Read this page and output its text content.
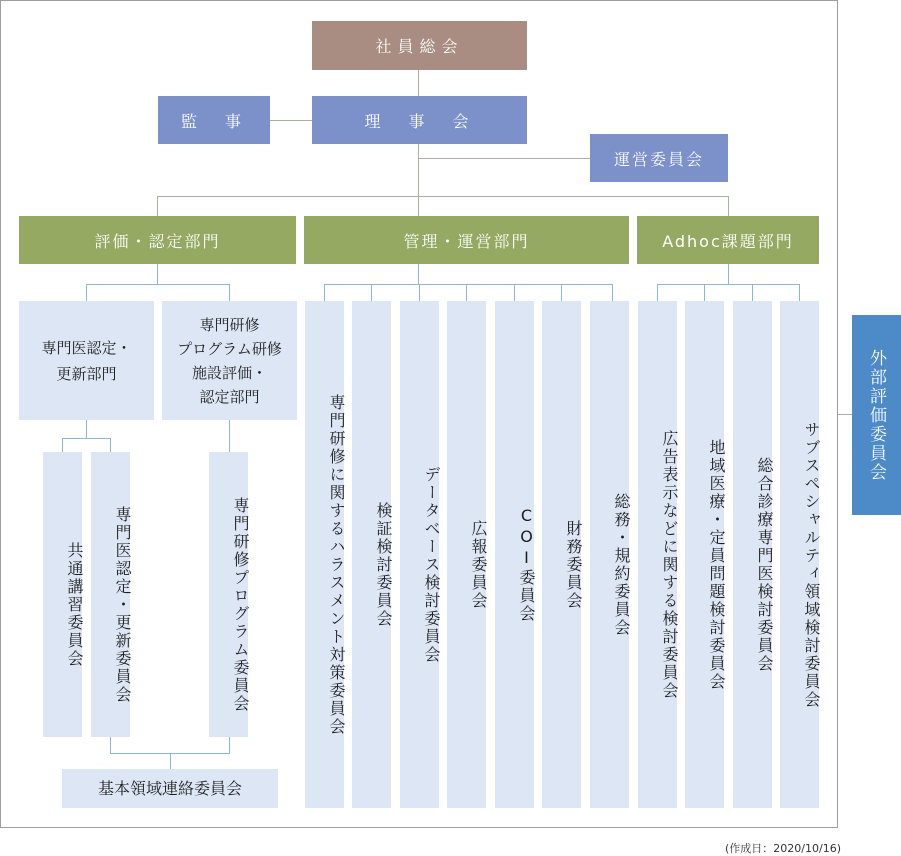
社員総会
監　事	理　事　会
運営委員会
評価・認定部門	管理・運営部門	Adhoc課題部門
専門医認定・
更新部門
専門研修
プログラム研修
施設評価・
認定部門
共通講習委員会	専門医認定・更新委員会	専門研修プログラム委員会
基本領域連絡委員会
専門研修に関するハラスメント対策委員会	検証検討委員会	データベース検討委員会	広報委員会	COI委員会	財務委員会	総務・規約委員会	広告表示などに関する検討委員会	地域医療・定員問題検討委員会	総合診療専門医検討委員会	サブスペシャルティ領域検討委員会
外部評価委員会
(作成日：2020/10/16)
